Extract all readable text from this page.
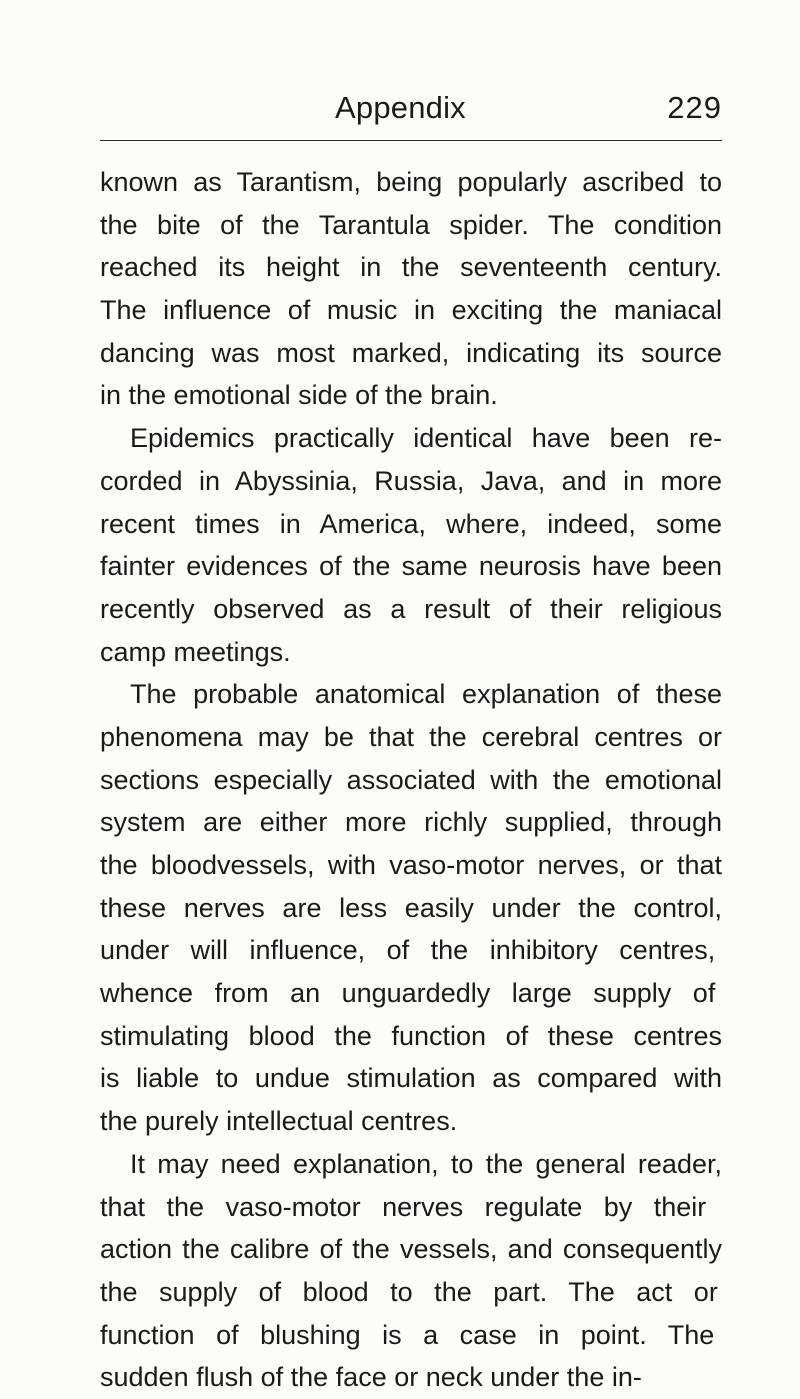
Appendix	229
known as Tarantism, being popularly ascribed to
the bite of the Tarantula spider. The condition
reached its height in the seventeenth century.
The influence of music in exciting the maniacal
dancing was most marked, indicating its source
in the emotional side of the brain.
Epidemics practically identical have been re-
corded in Abyssinia, Russia, Java, and in more
recent times in America, where, indeed, some
fainter evidences of the same neurosis have been
recently observed as a result of their religious
camp meetings.
The probable anatomical explanation of these
phenomena may be that the cerebral centres or
sections especially associated with the emotional
system are either more richly supplied, through
the bloodvessels, with vaso-motor nerves, or that
these nerves are less easily under the control,
under will influence, of the inhibitory centres,
whence from an unguardedly large supply of
stimulating blood the function of these centres
is liable to undue stimulation as compared with
the purely intellectual centres.
It may need explanation, to the general reader,
that the vaso-motor nerves regulate by their
action the calibre of the vessels, and consequently
the supply of blood to the part. The act or
function of blushing is a case in point. The
sudden flush of the face or neck under the in-
